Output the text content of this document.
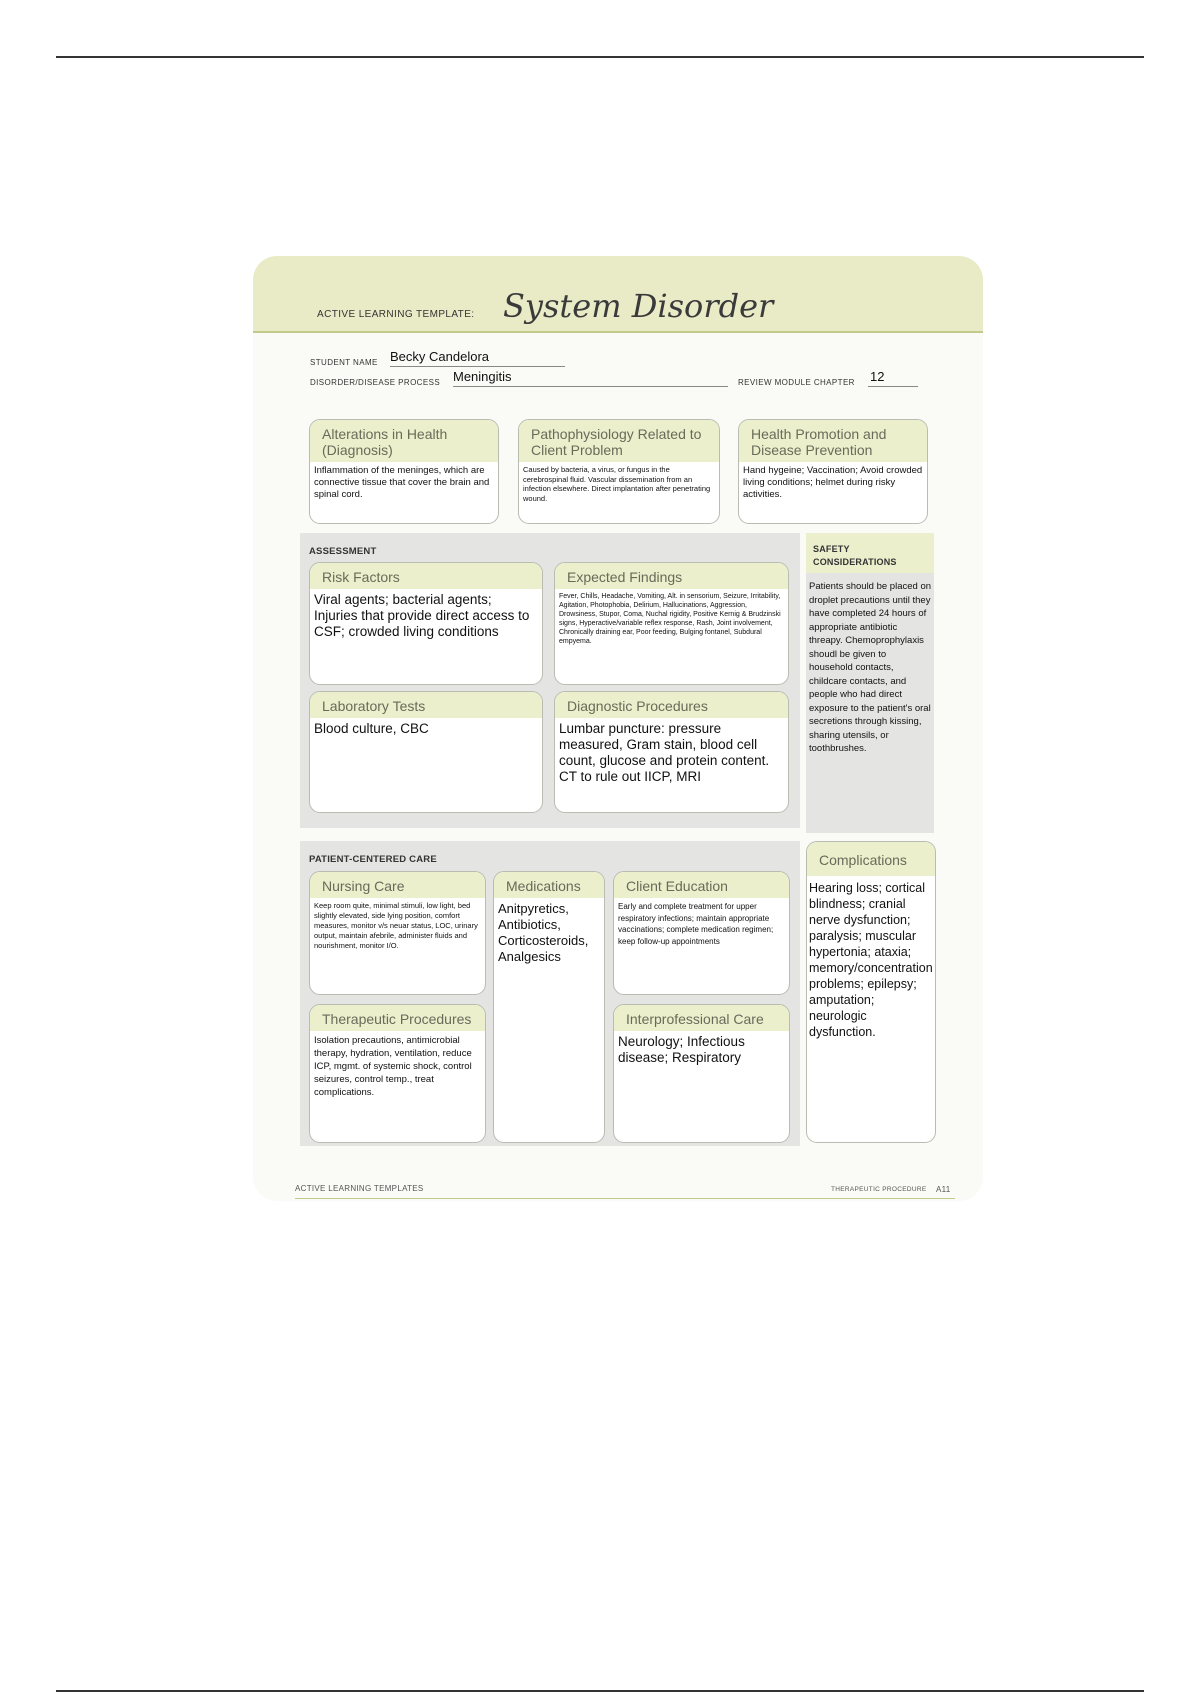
ACTIVE LEARNING TEMPLATE: System Disorder
STUDENT NAME Becky Candelora
DISORDER/DISEASE PROCESS Meningitis	REVIEW MODULE CHAPTER 12
Alterations in Health (Diagnosis)
Inflammation of the meninges, which are connective tissue that cover the brain and spinal cord.
Pathophysiology Related to Client Problem
Caused by bacteria, a virus, or fungus in the cerebrospinal fluid. Vascular dissemination from an infection elsewhere. Direct implantation after penetrating wound.
Health Promotion and Disease Prevention
Hand hygeine; Vaccination; Avoid crowded living conditions; helmet during risky activities.
ASSESSMENT
Risk Factors
Viral agents; bacterial agents; Injuries that provide direct access to CSF; crowded living conditions
Expected Findings
Fever, Chills, Headache, Vomiting, Alt. in sensorium, Seizure, Irritability, Agitation, Photophobia, Delirium, Hallucinations, Aggression, Drowsiness, Stupor, Coma, Nuchal rigidity, Positive Kernig & Brudzinski signs, Hyperactive/variable reflex response, Rash, Joint involvement, Chronically draining ear, Poor feeding, Bulging fontanel, Subdural empyema.
Laboratory Tests
Blood culture, CBC
Diagnostic Procedures
Lumbar puncture: pressure measured, Gram stain, blood cell count, glucose and protein content. CT to rule out IICP, MRI
SAFETY CONSIDERATIONS
Patients should be placed on droplet precautions until they have completed 24 hours of appropriate antibiotic threapy. Chemoprophylaxis shoudl be given to household contacts, childcare contacts, and people who had direct exposure to the patient's oral secretions through kissing, sharing utensils, or toothbrushes.
PATIENT-CENTERED CARE
Nursing Care
Keep room quite, minimal stimuli, low light, bed slightly elevated, side lying position, comfort measures, monitor v/s neuar status, LOC, urinary output, maintain afebrile, administer fluids and nourishment, monitor I/O.
Medications
Anitpyretics, Antibiotics, Corticosteroids, Analgesics
Client Education
Early and complete treatment for upper respiratory infections; maintain appropriate vaccinations; complete medication regimen; keep follow-up appointments
Therapeutic Procedures
Isolation precautions, antimicrobial therapy, hydration, ventilation, reduce ICP, mgmt. of systemic shock, control seizures, control temp., treat complications.
Interprofessional Care
Neurology; Infectious disease; Respiratory
Complications
Hearing loss; cortical blindness; cranial nerve dysfunction; paralysis; muscular hypertonia; ataxia; memory/concentration problems; epilepsy; amputation; neurologic dysfunction.
ACTIVE LEARNING TEMPLATES	THERAPEUTIC PROCEDURE A11
